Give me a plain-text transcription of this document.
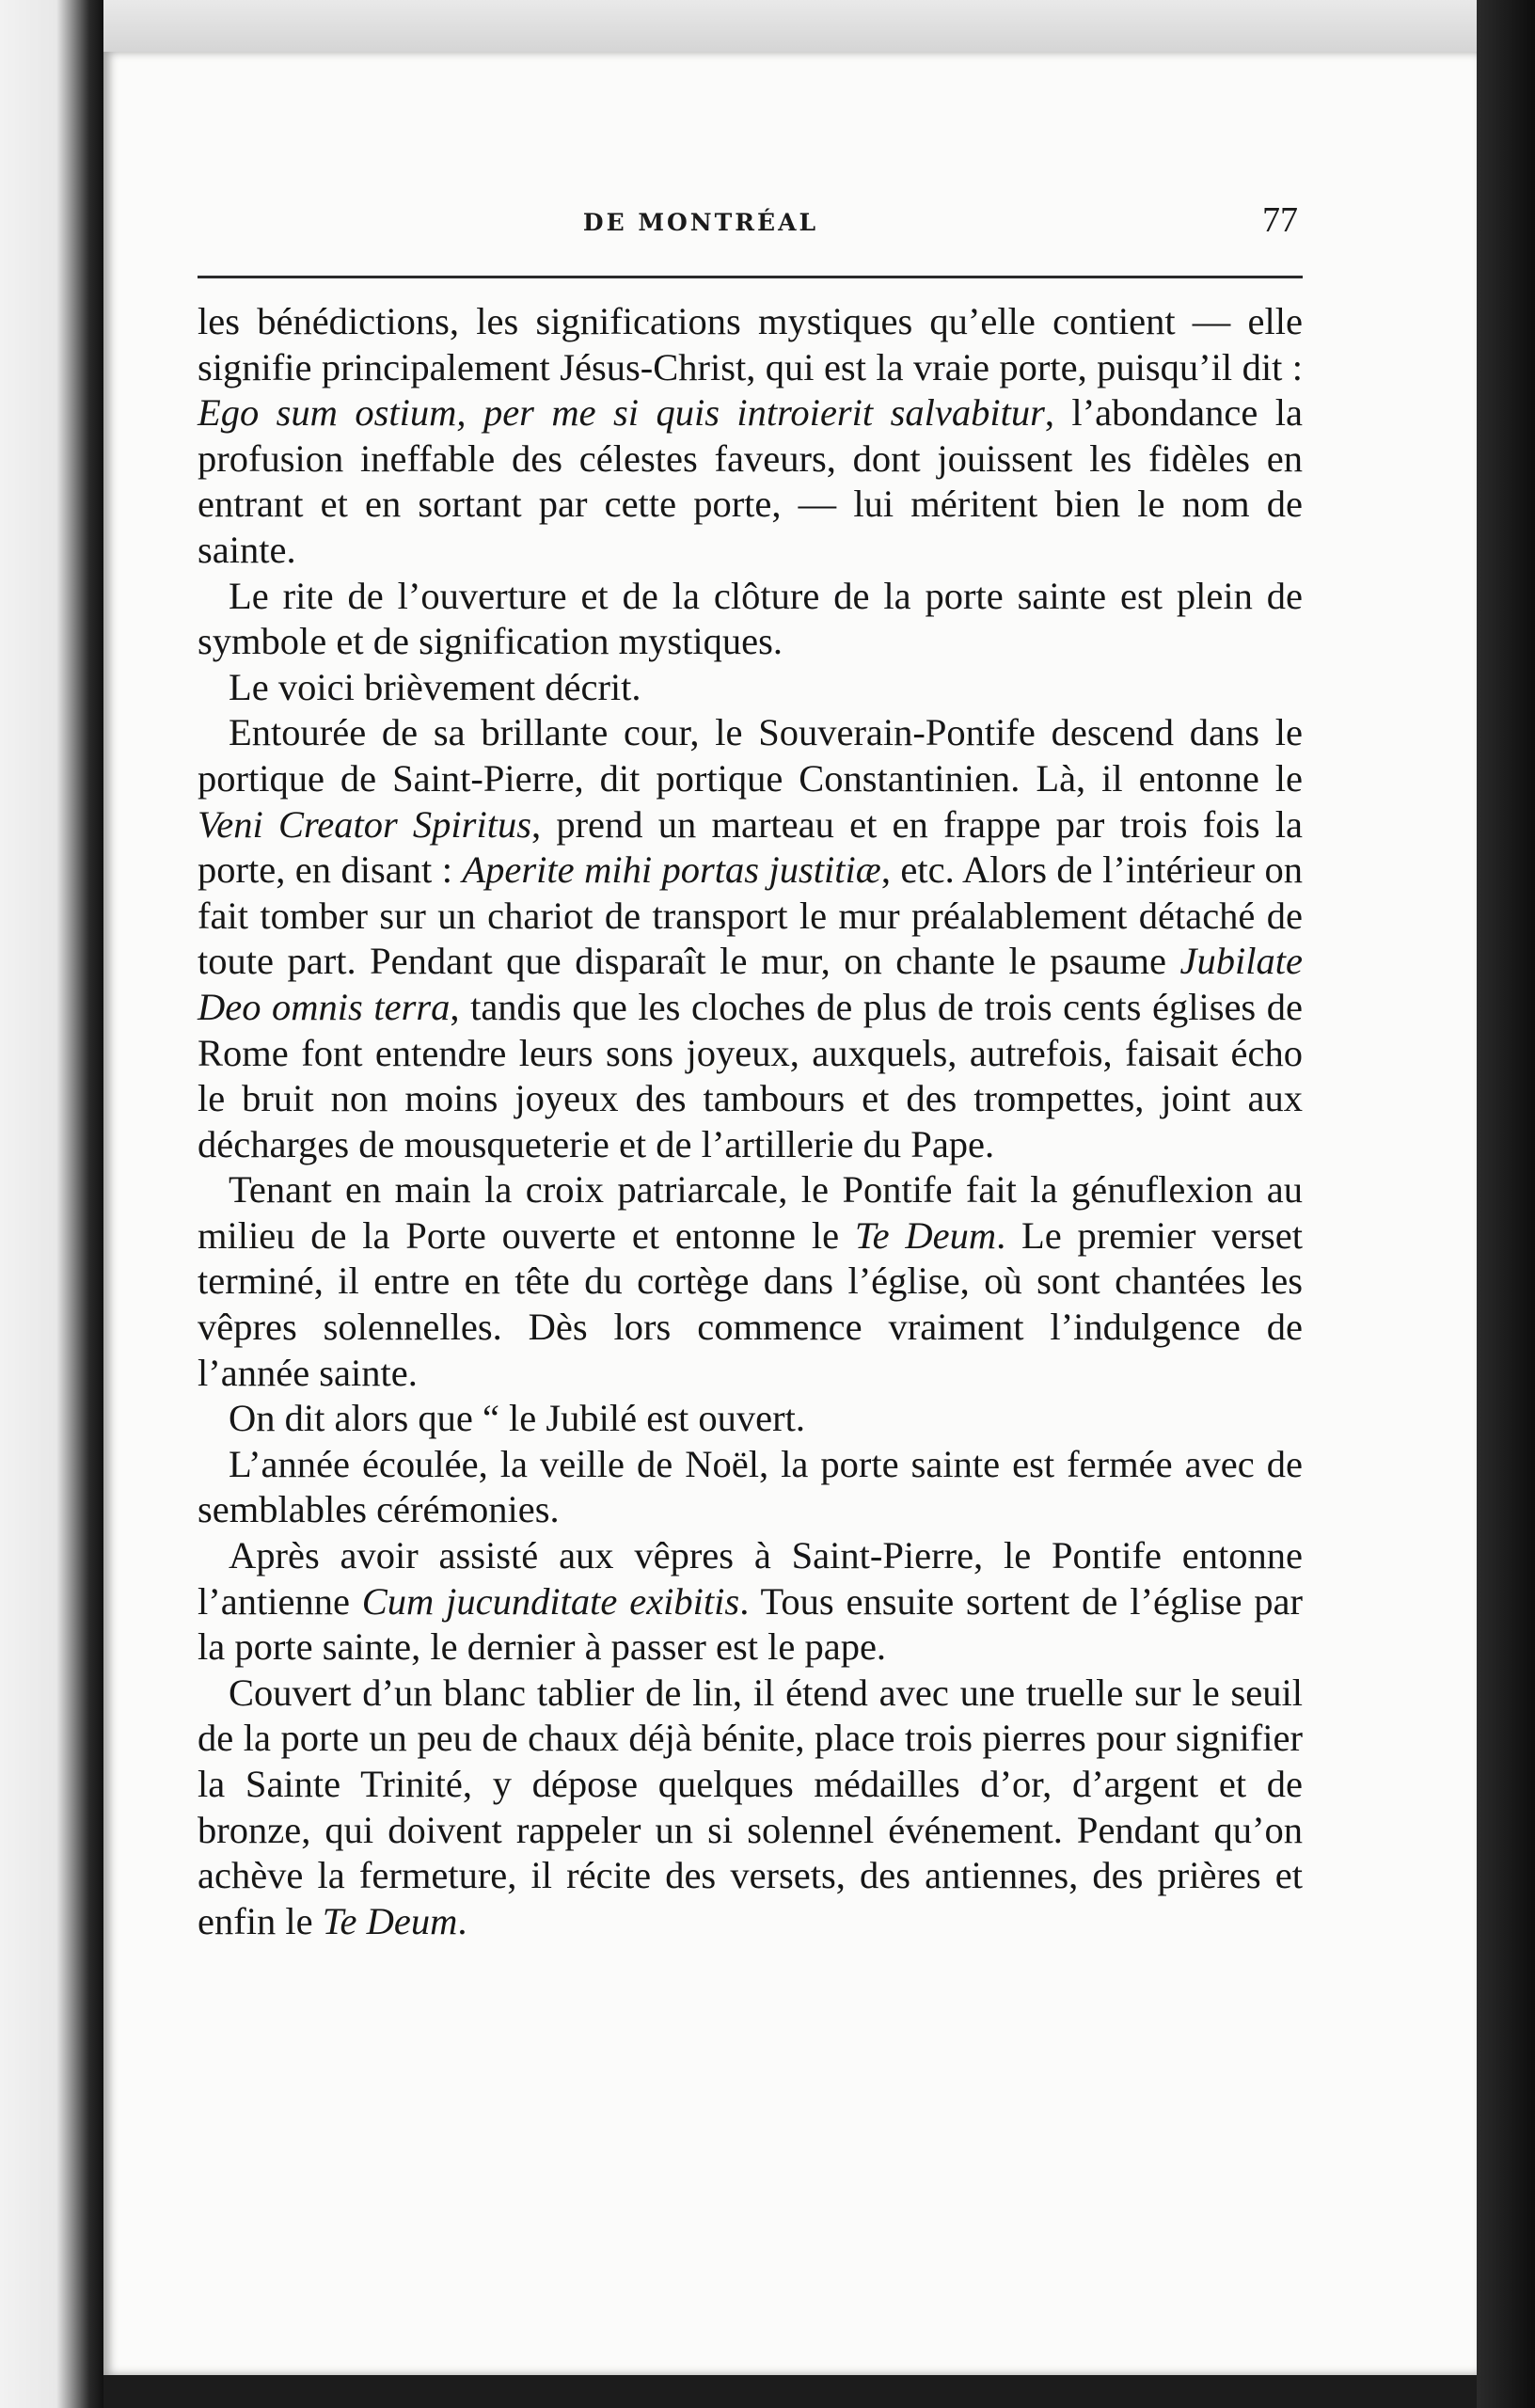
DE MONTRÉAL	77

les bénédictions, les significations mystiques qu’elle contient — elle signifie principalement Jésus-Christ, qui est la vraie porte, puisqu’il dit : Ego sum ostium, per me si quis introierit salvabitur, l’abondance la profusion ineffable des célestes faveurs, dont jouissent les fidèles en entrant et en sortant par cette porte, — lui méritent bien le nom de sainte.

Le rite de l’ouverture et de la clôture de la porte sainte est plein de symbole et de signification mystiques.

Le voici brièvement décrit.

Entourée de sa brillante cour, le Souverain-Pontife descend dans le portique de Saint-Pierre, dit portique Constantinien. Là, il entonne le Veni Creator Spiritus, prend un marteau et en frappe par trois fois la porte, en disant : Aperite mihi portas justitiæ, etc. Alors de l’intérieur on fait tomber sur un chariot de transport le mur préalablement détaché de toute part. Pendant que disparaît le mur, on chante le psaume Jubilate Deo omnis terra, tandis que les cloches de plus de trois cents églises de Rome font entendre leurs sons joyeux, auxquels, autrefois, faisait écho le bruit non moins joyeux des tambours et des trompettes, joint aux décharges de mousqueterie et de l’artillerie du Pape.

Tenant en main la croix patriarcale, le Pontife fait la génuflexion au milieu de la Porte ouverte et entonne le Te Deum. Le premier verset terminé, il entre en tête du cortège dans l’église, où sont chantées les vêpres solennelles. Dès lors commence vraiment l’indulgence de l’année sainte.

On dit alors que “ le Jubilé est ouvert.

L’année écoulée, la veille de Noël, la porte sainte est fermée avec de semblables cérémonies.

Après avoir assisté aux vêpres à Saint-Pierre, le Pontife entonne l’antienne Cum jucunditate exibitis. Tous ensuite sortent de l’église par la porte sainte, le dernier à passer est le pape.

Couvert d’un blanc tablier de lin, il étend avec une truelle sur le seuil de la porte un peu de chaux déjà bénite, place trois pierres pour signifier la Sainte Trinité, y dépose quelques médailles d’or, d’argent et de bronze, qui doivent rappeler un si solennel événement. Pendant qu’on achève la fermeture, il récite des versets, des antiennes, des prières et enfin le Te Deum.
